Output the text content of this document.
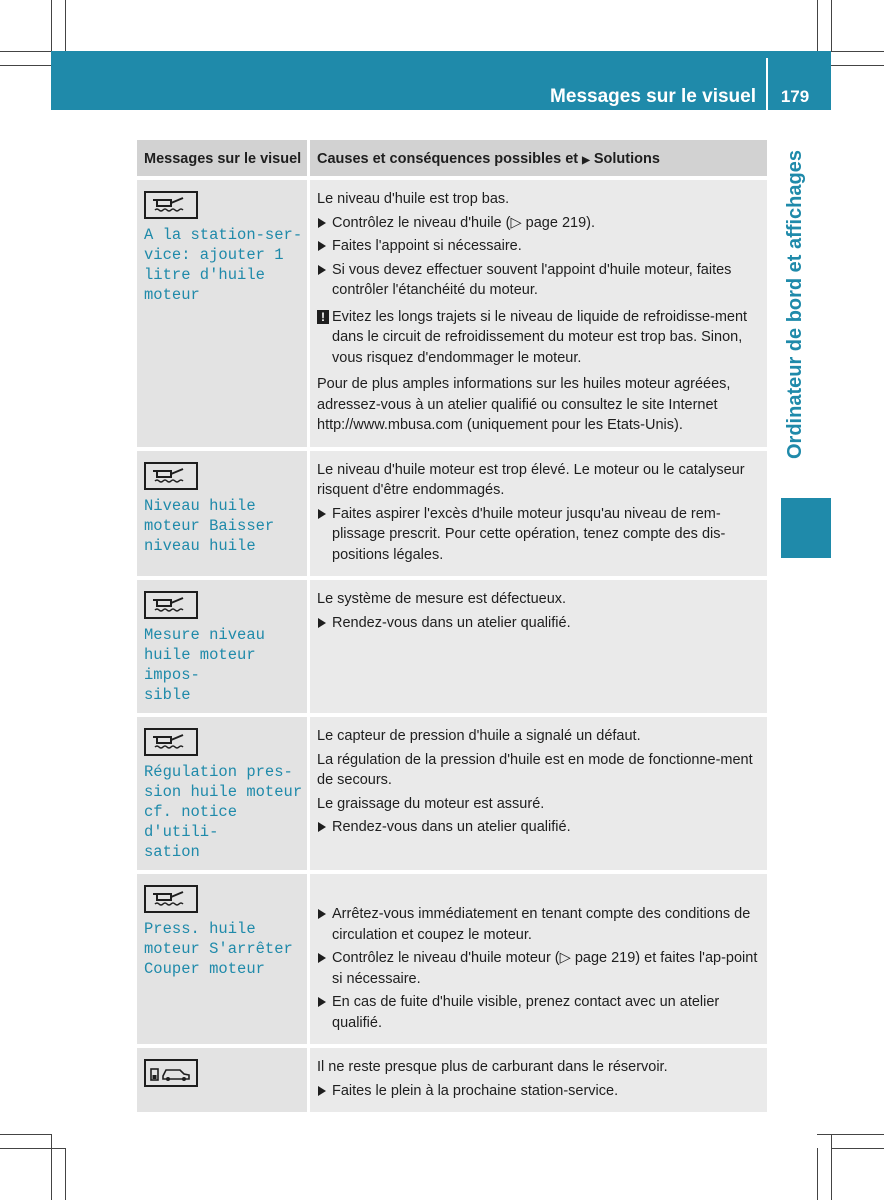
Messages sur le visuel	179
Ordinateur de bord et affichages
Messages sur le visuel	Causes et conséquences possibles et ▶ Solutions
A la station-ser-
vice: ajouter 1
litre d'huile
moteur

Le niveau d'huile est trop bas.

Contrôlez le niveau d'huile (▷ page 219).

Faites l'appoint si nécessaire.

Si vous devez effectuer souvent l'appoint d'huile moteur, faites contrôler l'étanchéité du moteur.

! Evitez les longs trajets si le niveau de liquide de refroidisse-ment dans le circuit de refroidissement du moteur est trop bas. Sinon, vous risquez d'endommager le moteur.

Pour de plus amples informations sur les huiles moteur agréées, adressez-vous à un atelier qualifié ou consultez le site Internet http://www.mbusa.com (uniquement pour les Etats-Unis).

Niveau huile
moteur Baisser
niveau huile

Le niveau d'huile moteur est trop élevé. Le moteur ou le catalyseur risquent d'être endommagés.

Faites aspirer l'excès d'huile moteur jusqu'au niveau de rem-plissage prescrit. Pour cette opération, tenez compte des dis-positions légales.

Mesure niveau
huile moteur impos-
sible

Le système de mesure est défectueux.

Rendez-vous dans un atelier qualifié.

Régulation pres-
sion huile moteur
cf. notice d'utili-
sation

Le capteur de pression d'huile a signalé un défaut.

La régulation de la pression d'huile est en mode de fonctionne-ment de secours.

Le graissage du moteur est assuré.

Rendez-vous dans un atelier qualifié.

Press. huile
moteur S'arrêter
Couper moteur

Arrêtez-vous immédiatement en tenant compte des conditions de circulation et coupez le moteur.

Contrôlez le niveau d'huile moteur (▷ page 219) et faites l'ap-point si nécessaire.

En cas de fuite d'huile visible, prenez contact avec un atelier qualifié.

Il ne reste presque plus de carburant dans le réservoir.

Faites le plein à la prochaine station-service.
